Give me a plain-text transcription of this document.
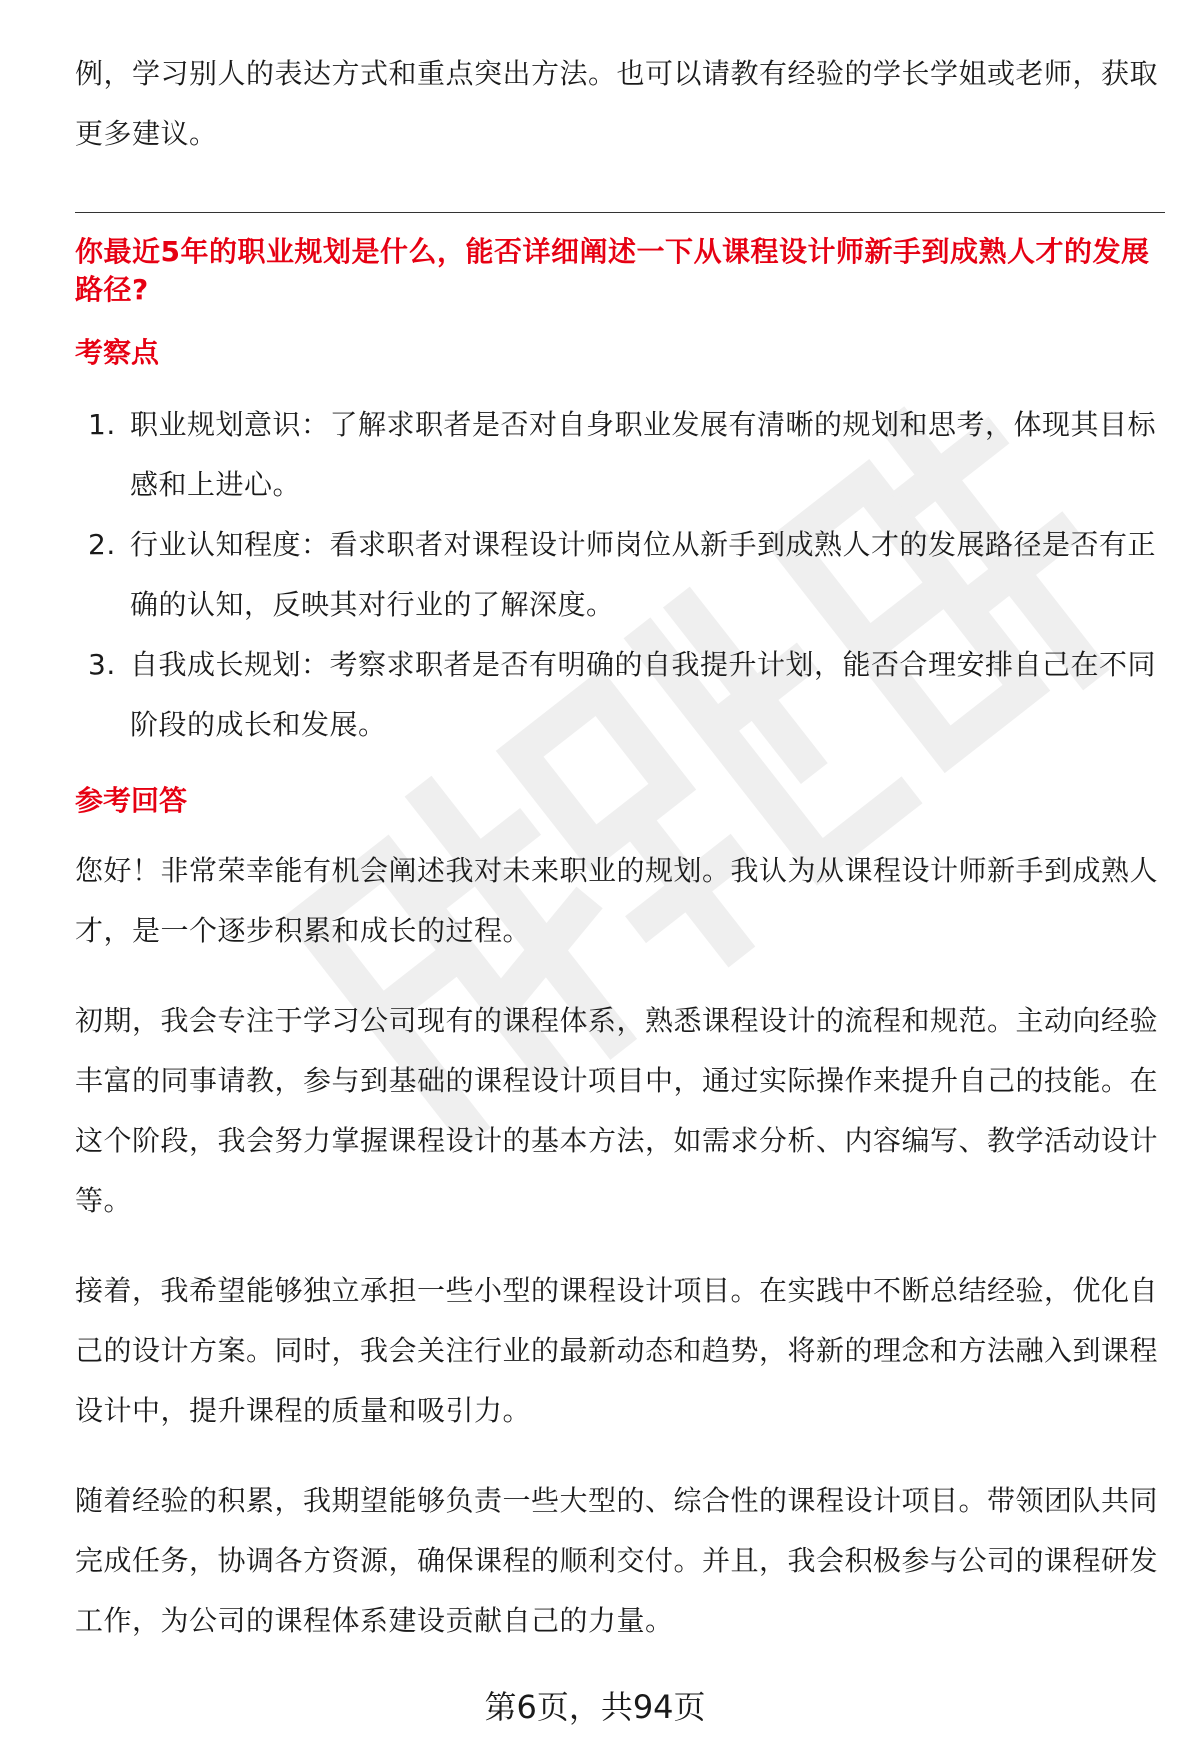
例，学习别人的表达方式和重点突出方法。也可以请教有经验的学长学姐或老师，获取更多建议。

你最近5年的职业规划是什么，能否详细阐述一下从课程设计师新手到成熟人才的发展路径?

考察点
1. 职业规划意识：了解求职者是否对自身职业发展有清晰的规划和思考，体现其目标感和上进心。
2. 行业认知程度：看求职者对课程设计师岗位从新手到成熟人才的发展路径是否有正确的认知，反映其对行业的了解深度。
3. 自我成长规划：考察求职者是否有明确的自我提升计划，能否合理安排自己在不同阶段的成长和发展。
参考回答

您好！非常荣幸能有机会阐述我对未来职业的规划。我认为从课程设计师新手到成熟人才，是一个逐步积累和成长的过程。

初期，我会专注于学习公司现有的课程体系，熟悉课程设计的流程和规范。主动向经验丰富的同事请教，参与到基础的课程设计项目中，通过实际操作来提升自己的技能。在这个阶段，我会努力掌握课程设计的基本方法，如需求分析、内容编写、教学活动设计等。

接着，我希望能够独立承担一些小型的课程设计项目。在实践中不断总结经验，优化自己的设计方案。同时，我会关注行业的最新动态和趋势，将新的理念和方法融入到课程设计中，提升课程的质量和吸引力。

随着经验的积累，我期望能够负责一些大型的、综合性的课程设计项目。带领团队共同完成任务，协调各方资源，确保课程的顺利交付。并且，我会积极参与公司的课程研发工作，为公司的课程体系建设贡献自己的力量。

第6页，共94页
